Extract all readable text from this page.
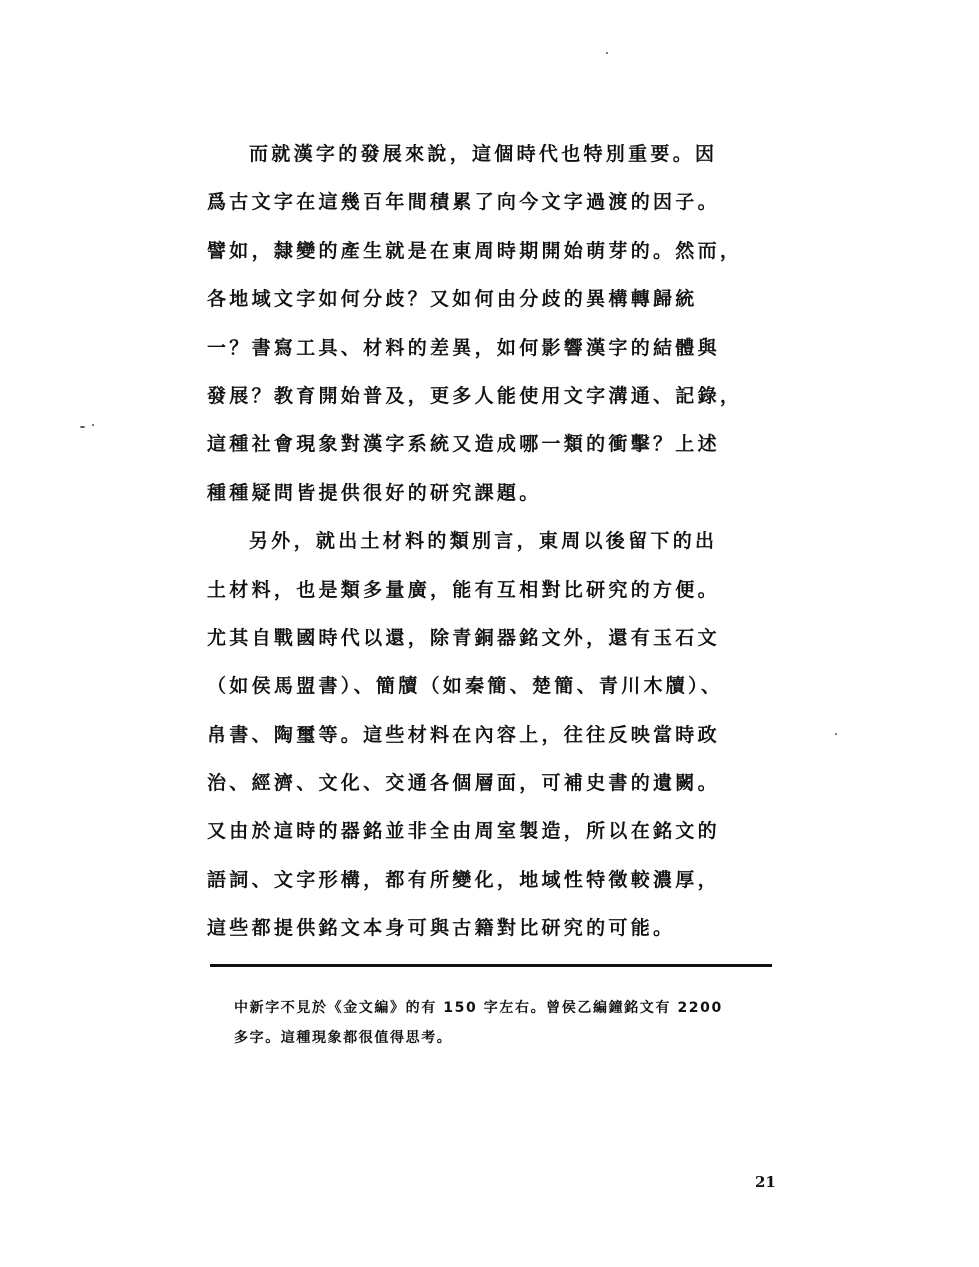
而就漢字的發展來說，這個時代也特別重要。因
爲古文字在這幾百年間積累了向今文字過渡的因子。
譬如，隸變的產生就是在東周時期開始萌芽的。然而，
各地域文字如何分歧？又如何由分歧的異構轉歸統
一？書寫工具、材料的差異，如何影響漢字的結體與
發展？教育開始普及，更多人能使用文字溝通、記錄，
這種社會現象對漢字系統又造成哪一類的衝擊？上述
種種疑問皆提供很好的研究課題。
另外，就出土材料的類別言，東周以後留下的出
土材料，也是類多量廣，能有互相對比研究的方便。
尤其自戰國時代以還，除青銅器銘文外，還有玉石文
（如侯馬盟書）、簡牘（如秦簡、楚簡、青川木牘）、
帛書、陶璽等。這些材料在內容上，往往反映當時政
治、經濟、文化、交通各個層面，可補史書的遺闕。
又由於這時的器銘並非全由周室製造，所以在銘文的
語詞、文字形構，都有所變化，地域性特徵較濃厚，
這些都提供銘文本身可與古籍對比研究的可能。
中新字不見於《金文編》的有 150 字左右。曾侯乙編鐘銘文有 2200
多字。這種現象都很值得思考。
21
